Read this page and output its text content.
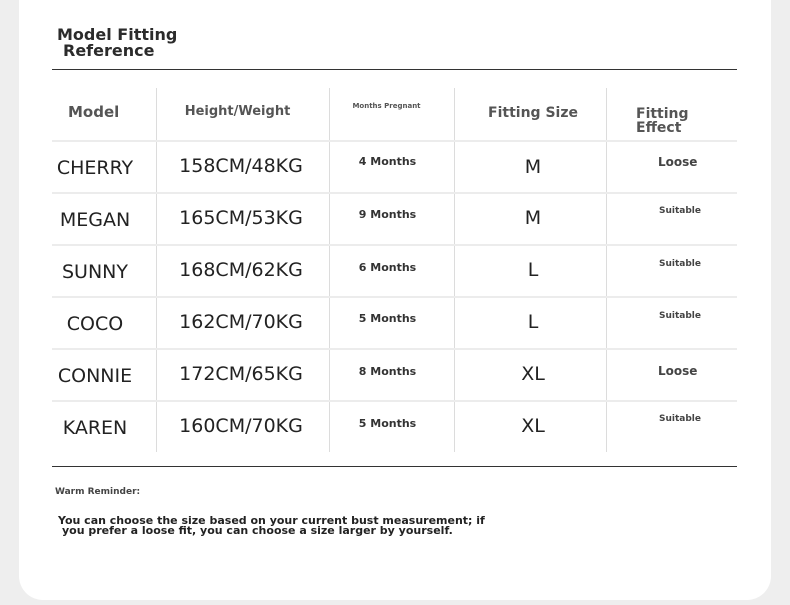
Model Fitting
Reference
Model	Height/Weight	Months Pregnant	Fitting Size	Fitting
Effect
CHERRY	158CM/48KG	4 Months	M	Loose
MEGAN	165CM/53KG	9 Months	M	Suitable
SUNNY	168CM/62KG	6 Months	L	Suitable
COCO	162CM/70KG	5 Months	L	Suitable
CONNIE	172CM/65KG	8 Months	XL	Loose
KAREN	160CM/70KG	5 Months	XL	Suitable
Warm Reminder:
You can choose the size based on your current bust measurement; if
you prefer a loose fit, you can choose a size larger by yourself.
